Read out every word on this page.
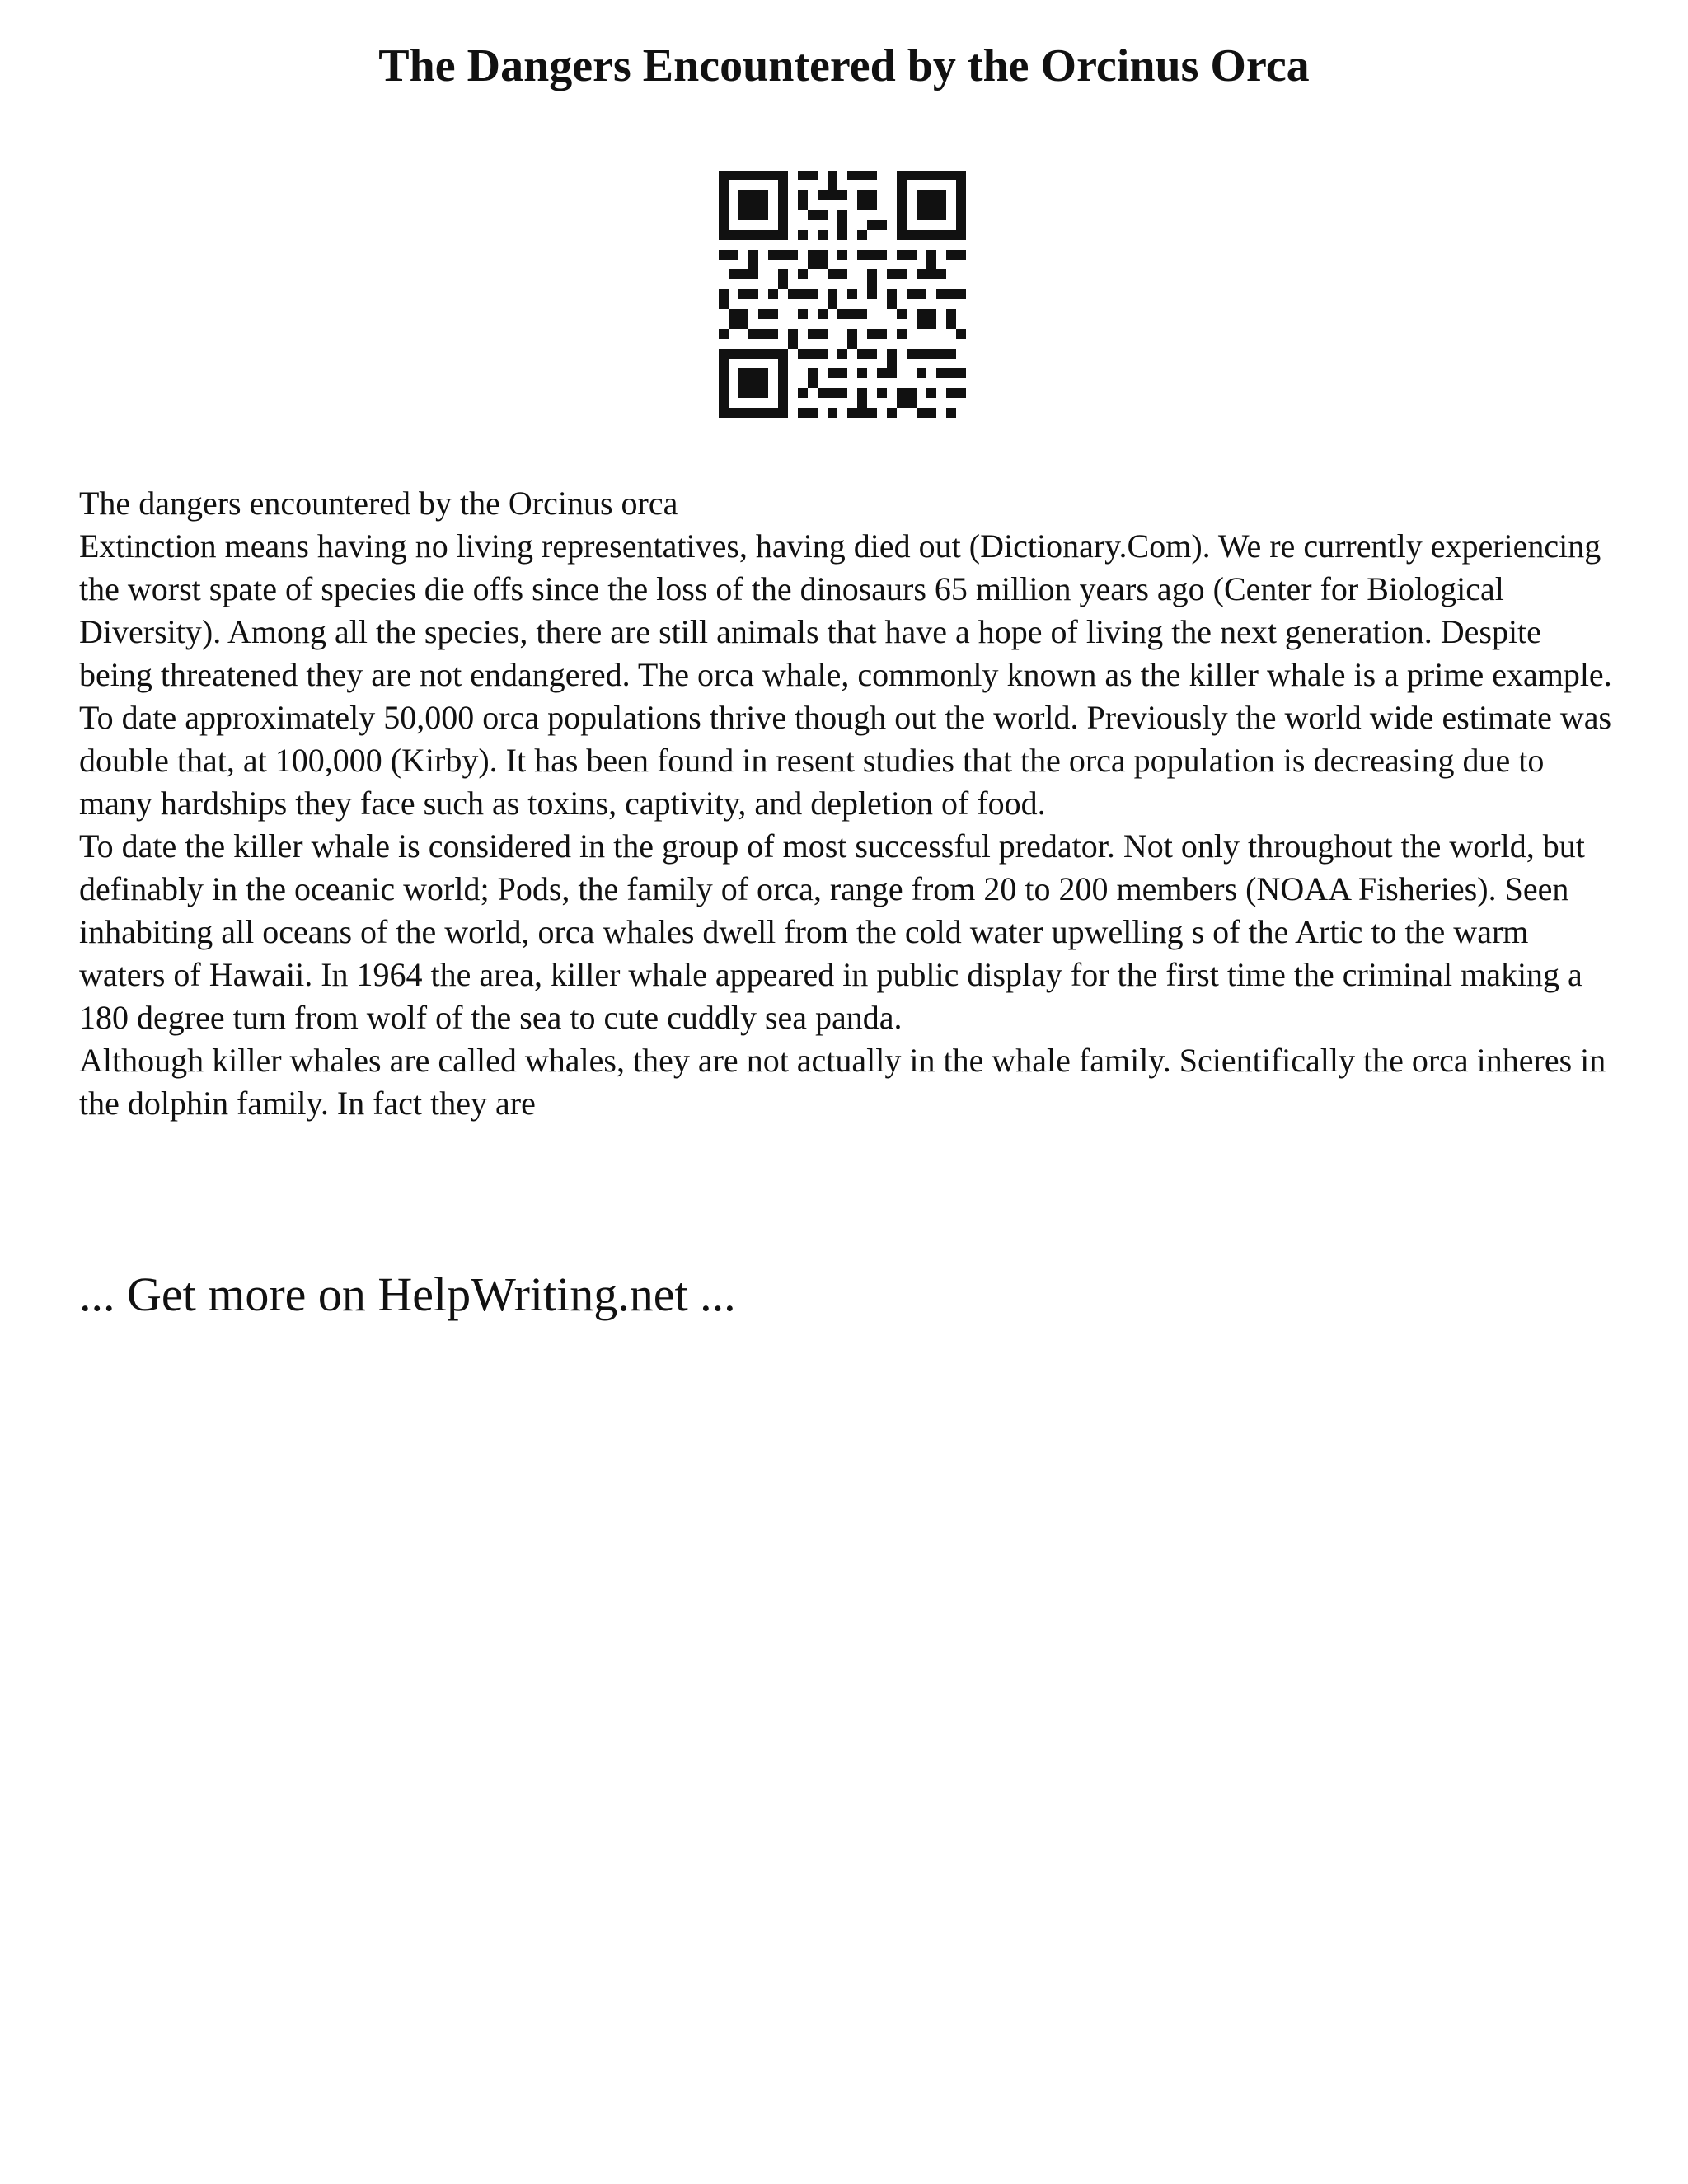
The Dangers Encountered by the Orcinus Orca

The dangers encountered by the Orcinus orca

Extinction means having no living representatives, having died out (Dictionary.Com). We re currently experiencing the worst spate of species die offs since the loss of the dinosaurs 65 million years ago (Center for Biological Diversity). Among all the species, there are still animals that have a hope of living the next generation. Despite being threatened they are not endangered. The orca whale, commonly known as the killer whale is a prime example. To date approximately 50,000 orca populations thrive though out the world. Previously the world wide estimate was double that, at 100,000 (Kirby). It has been found in resent studies that the orca population is decreasing due to many hardships they face such as toxins, captivity, and depletion of food.

To date the killer whale is considered in the group of most successful predator. Not only throughout the world, but definably in the oceanic world; Pods, the family of orca, range from 20 to 200 members (NOAA Fisheries). Seen inhabiting all oceans of the world, orca whales dwell from the cold water upwelling s of the Artic to the warm waters of Hawaii. In 1964 the area, killer whale appeared in public display for the first time the criminal making a 180 degree turn from wolf of the sea to cute cuddly sea panda.

Although killer whales are called whales, they are not actually in the whale family. Scientifically the orca inheres in the dolphin family. In fact they are

... Get more on HelpWriting.net ...
